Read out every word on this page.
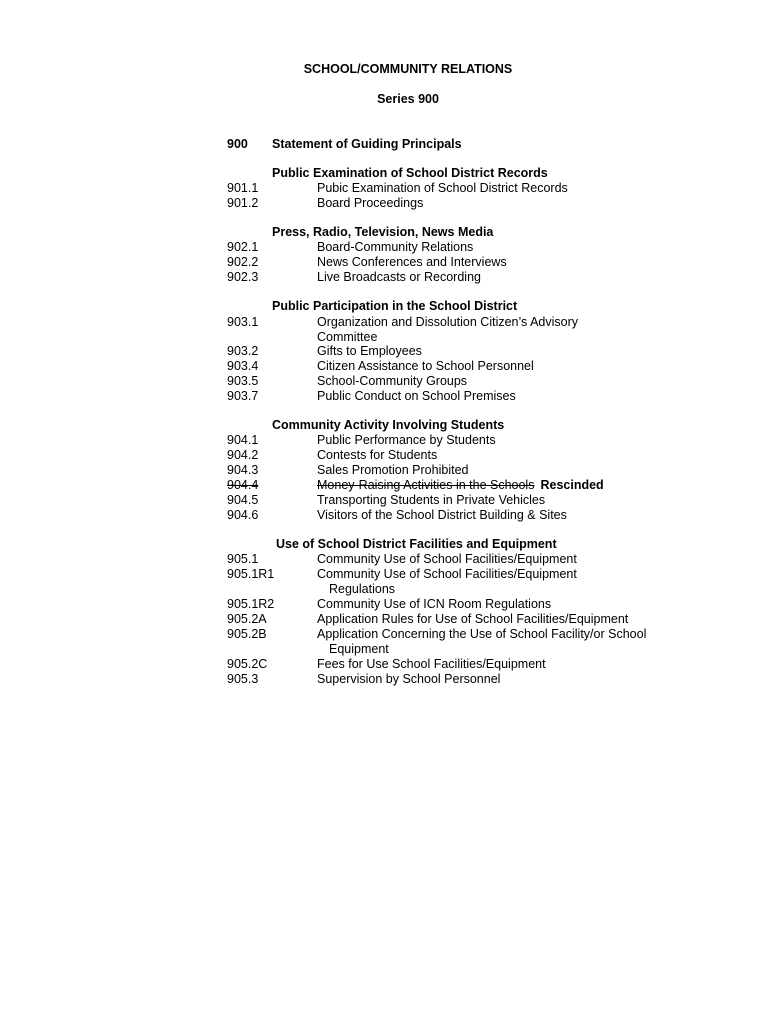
SCHOOL/COMMUNITY RELATIONS
Series 900
900 Statement of Guiding Principals
Public Examination of School District Records
901.1	Pubic Examination of School District Records
901.2	Board Proceedings
Press, Radio, Television, News Media
902.1	Board-Community Relations
902.2	News Conferences and Interviews
902.3	Live Broadcasts or Recording
Public Participation in the School District
903.1	Organization and Dissolution Citizen’s Advisory
Committee
903.2	Gifts to Employees
903.4	Citizen Assistance to School Personnel
903.5	School-Community Groups
903.7	Public Conduct on School Premises
Community Activity Involving Students
904.1	Public Performance by Students
904.2	Contests for Students
904.3	Sales Promotion Prohibited
904.4	Money-Raising Activities in the Schools Rescinded
904.5	Transporting Students in Private Vehicles
904.6	Visitors of the School District Building & Sites
Use of School District Facilities and Equipment
905.1	Community Use of School Facilities/Equipment
905.1R1	Community Use of School Facilities/Equipment
Regulations
905.1R2	Community Use of ICN Room Regulations
905.2A	Application Rules for Use of School Facilities/Equipment
905.2B	Application Concerning the Use of School Facility/or School
Equipment
905.2C	Fees for Use School Facilities/Equipment
905.3	Supervision by School Personnel
